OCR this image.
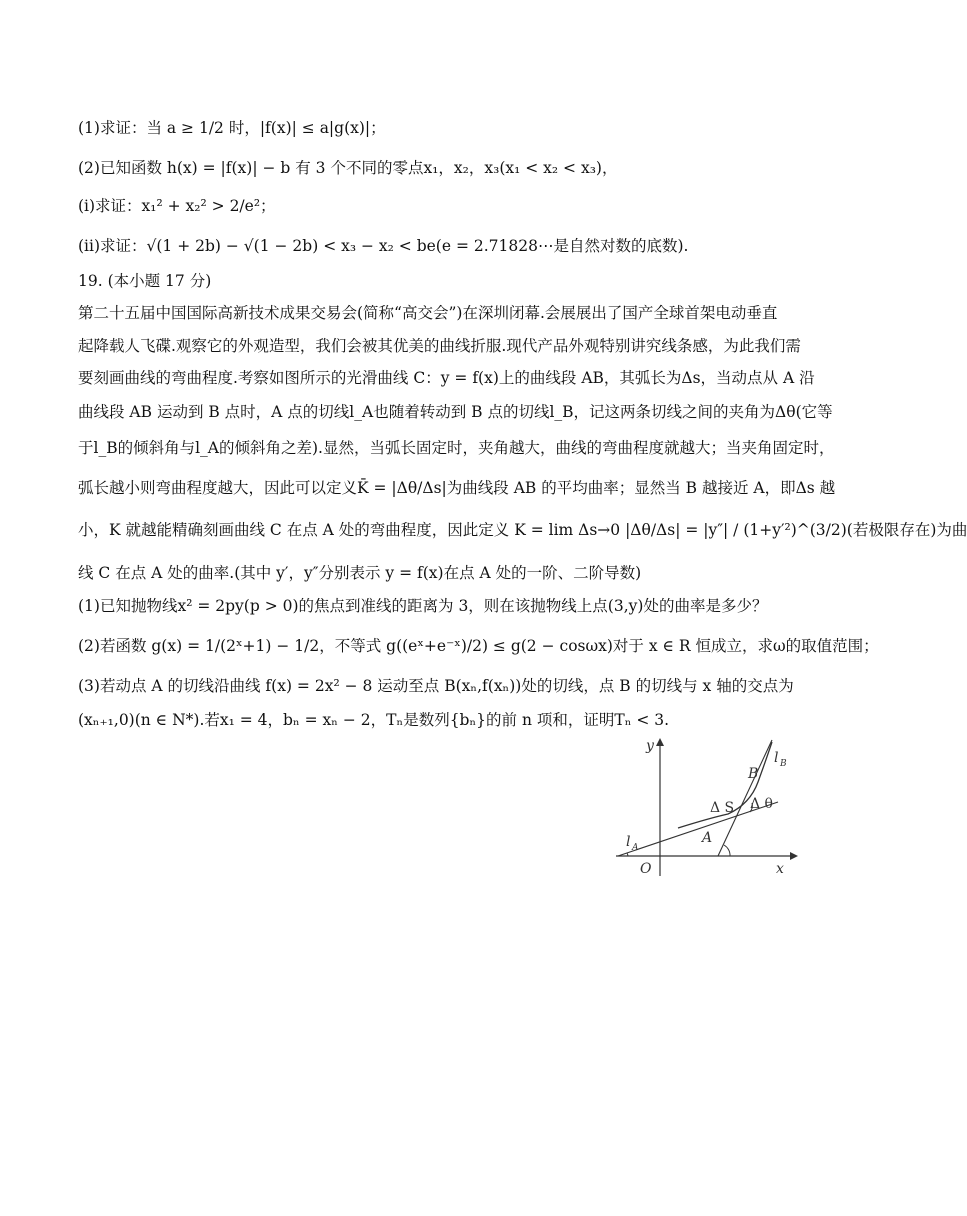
(1)求证：当 a ≥ 1/2 时，|f(x)| ≤ a|g(x)|；
(2)已知函数 h(x) = |f(x)| − b 有 3 个不同的零点x₁，x₂，x₃(x₁ < x₂ < x₃)，
(i)求证：x₁² + x₂² > 2/e²；
(ii)求证：√(1 + 2b) − √(1 − 2b) < x₃ − x₂ < be(e = 2.71828⋯是自然对数的底数).
19. (本小题 17 分)
第二十五届中国国际高新技术成果交易会(简称“高交会”)在深圳闭幕.会展展出了国产全球首架电动垂直
起降载人飞碟.观察它的外观造型，我们会被其优美的曲线折服.现代产品外观特别讲究线条感，为此我们需
要刻画曲线的弯曲程度.考察如图所示的光滑曲线 C：y = f(x)上的曲线段 AB，其弧长为Δs，当动点从 A 沿
曲线段 AB 运动到 B 点时，A 点的切线l_A也随着转动到 B 点的切线l_B，记这两条切线之间的夹角为Δθ(它等
于l_B的倾斜角与l_A的倾斜角之差).显然，当弧长固定时，夹角越大，曲线的弯曲程度就越大；当夹角固定时，
弧长越小则弯曲程度越大，因此可以定义K̄ = |Δθ/Δs|为曲线段 AB 的平均曲率；显然当 B 越接近 A，即Δs 越
小，K 就越能精确刻画曲线 C 在点 A 处的弯曲程度，因此定义 K = lim Δs→0 |Δθ/Δs| = |y″| / (1+y′²)^(3/2)(若极限存在)为曲
线 C 在点 A 处的曲率.(其中 y′，y″分别表示 y = f(x)在点 A 处的一阶、二阶导数)
(1)已知抛物线x² = 2py(p > 0)的焦点到准线的距离为 3，则在该抛物线上点(3,y)处的曲率是多少？
(2)若函数 g(x) = 1/(2ˣ+1) − 1/2，不等式 g((eˣ+e⁻ˣ)/2) ≤ g(2 − cosωx)对于 x ∈ R 恒成立，求ω的取值范围；
(3)若动点 A 的切线沿曲线 f(x) = 2x² − 8 运动至点 B(xₙ,f(xₙ))处的切线，点 B 的切线与 x 轴的交点为
(xₙ₊₁,0)(n ∈ N*).若x₁ = 4，bₙ = xₙ − 2，Tₙ是数列{bₙ}的前 n 项和，证明Tₙ < 3.
y
x
O
A
B
Δ S Δ θ
l A
l B
